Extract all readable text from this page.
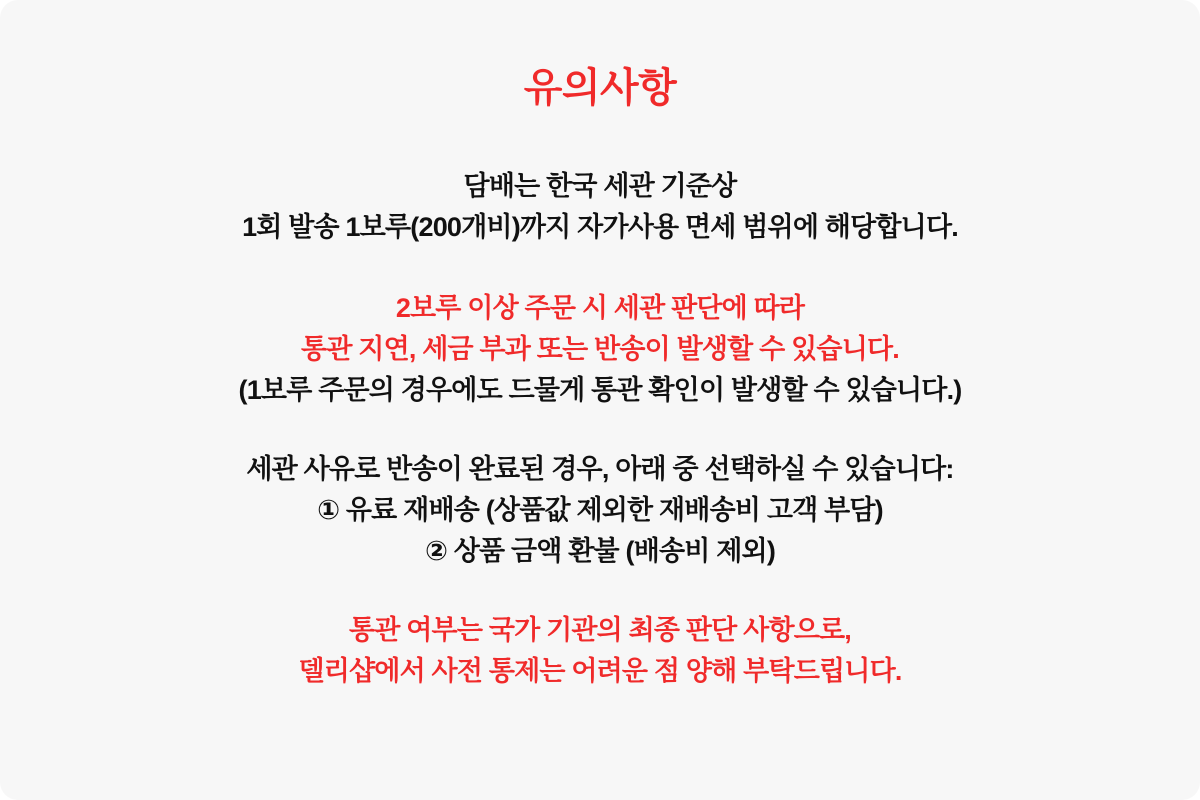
유의사항
담배는 한국 세관 기준상
1회 발송 1보루(200개비)까지 자가사용 면세 범위에 해당합니다.
2보루 이상 주문 시 세관 판단에 따라
통관 지연, 세금 부과 또는 반송이 발생할 수 있습니다.
(1보루 주문의 경우에도 드물게 통관 확인이 발생할 수 있습니다.)
세관 사유로 반송이 완료된 경우, 아래 중 선택하실 수 있습니다:
① 유료 재배송 (상품값 제외한 재배송비 고객 부담)
② 상품 금액 환불 (배송비 제외)
통관 여부는 국가 기관의 최종 판단 사항으로,
델리샵에서 사전 통제는 어려운 점 양해 부탁드립니다.
